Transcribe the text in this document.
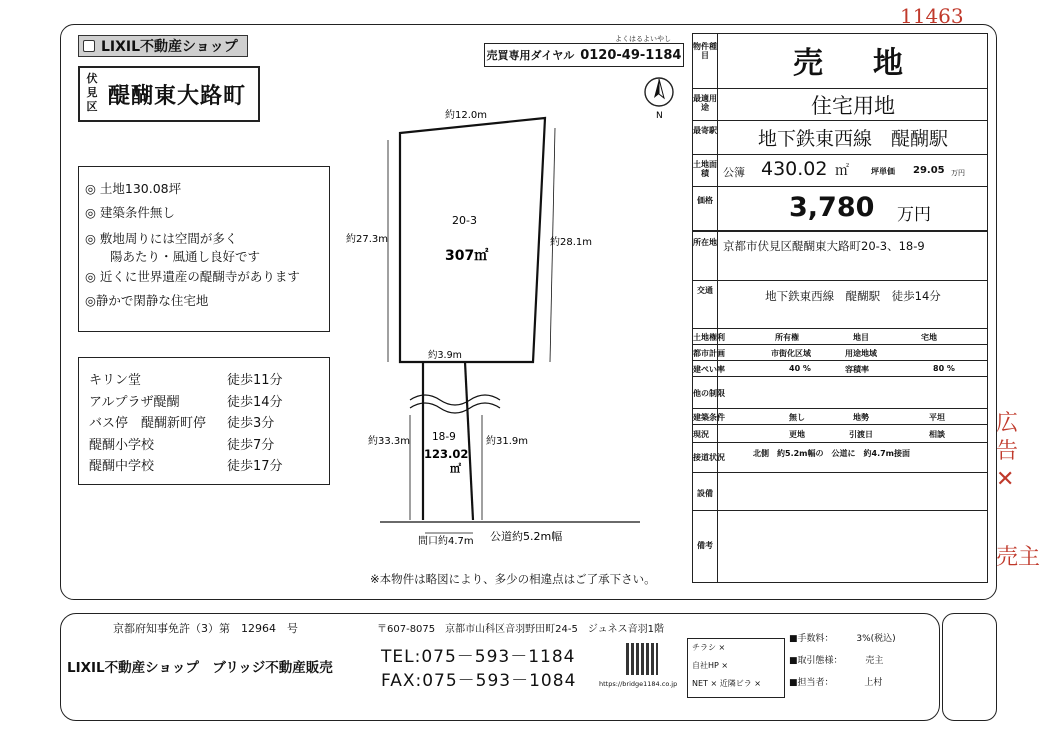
11463
広告✕
売主
LIXIL不動産ショップ
伏見区 醍醐東大路町
よくはるよいやし
売買専用ダイヤル 0120-49-1184
N
◎ 土地130.08坪
◎ 建築条件無し
◎ 敷地周りには空間が多く
　　陽あたり・風通し良好です
◎ 近くに世界遺産の醍醐寺があります
◎静かで閑静な住宅地
キリン堂	徒歩11分
アルプラザ醍醐	徒歩14分
バス停　醍醐新町停	徒歩3分
醍醐小学校	徒歩7分
醍醐中学校	徒歩17分
約12.0m
約27.3m	約28.1m
20-3
307㎡
約3.9m
18-9
123.02
㎡
約33.3m	約31.9m
間口約4.7m 公道約5.2m幅
※本物件は略図により、多少の相違点はご了承下さい。
物件種目	売　地
最適用途	住宅用地
最寄駅	地下鉄東西線　醍醐駅
土地面積	公簿 430.02 ㎡	坪単価 29.05 万円
価格	3,780 万円
所在地 京都市伏見区醍醐東大路町20-3、18-9
交通	地下鉄東西線　醍醐駅　徒歩14分
土地権利	所有権	地目	宅地
都市計画	市街化区域	用途地域
建ぺい率	40 %	容積率	80 %
他の制限
建築条件	無し	地勢	平坦
現況	更地	引渡日	相談
接道状況	北側　約5.2m幅の　公道に　約4.7m接面
設備
備考
京都府知事免許（3）第　12964　号
LIXIL不動産ショップ　ブリッジ不動産販売
〒607-8075　京都市山科区音羽野田町24-5　ジュネス音羽1階
TEL:075－593－1184
FAX:075－593－1084	https://bridge1184.co.jp
チラシ ×
自社HP ×
NET × 近隣ビラ ×
■手数料：	3%(税込)
■取引態様：	売主
■担当者：	上村
